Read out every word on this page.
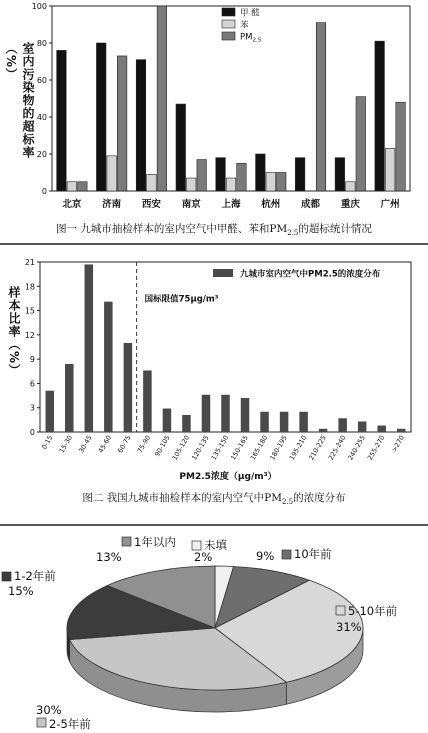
室内污染物的超标率（%）
0
20
40
60
80
100
北京 济南 西安 南京 上海 杭州 成都 重庆 广州
甲 醛
苯
$PM_{2.5}$
图一 九城市抽检样本的室内空气中甲醛、苯和$PM_{2.5}$的超标统计情况
样本比率（%）
0
3
6
9
12
15
18
21
0-15 15-30 30-45 45-60 60-75 75-90 90-105 105-120 120-135 135-150 150-165 165-180 180-195 195-210 210-225 225-240 240-255 255-270 >270
国标限值75μg/m³
九城市室内空气中PM2.5的浓度分布
PM2.5浓度（μg/m³）
图二 我国九城市抽检样本的室内空气中$PM_{2.5}$的浓度分布
未填
2%	10年前
9%
5-10年前
31%
2-5年前
30%
1-2年前
15%
1年以内
13%
